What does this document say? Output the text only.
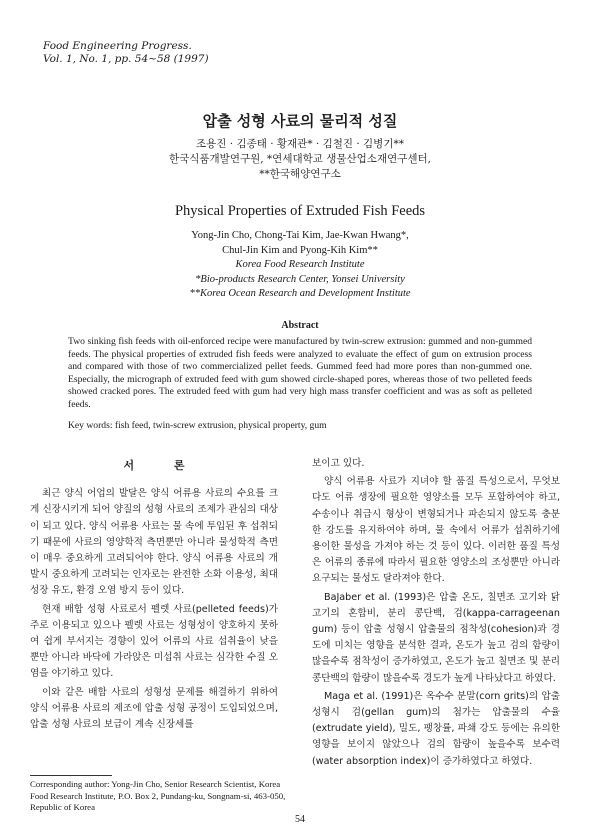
Food Engineering Progress.
Vol. 1, No. 1, pp. 54~58 (1997)
압출 성형 사료의 물리적 성질
조용진 · 김종태 · 황재관* · 김철진 · 김병기**
한국식품개발연구원, *연세대학교 생물산업소재연구센터,
**한국해양연구소
Physical Properties of Extruded Fish Feeds
Yong-Jin Cho, Chong-Tai Kim, Jae-Kwan Hwang*,
Chul-Jin Kim and Pyong-Kih Kim**
Korea Food Research Institute
*Bio-products Research Center, Yonsei University
**Korea Ocean Research and Development Institute
Abstract

Two sinking fish feeds with oil-enforced recipe were manufactured by twin-screw extrusion: gummed and non-gummed feeds. The physical properties of extruded fish feeds were analyzed to evaluate the effect of gum on extrusion process and compared with those of two commercialized pellet feeds. Gummed feed had more pores than non-gummed one. Especially, the micrograph of extruded feed with gum showed circle-shaped pores, whereas those of two pelleted feeds showed cracked pores. The extruded feed with gum had very high mass transfer coefficient and was as soft as pelleted feeds.

Key words: fish feed, twin-screw extrusion, physical property, gum

서 론

최근 양식 어업의 발달은 양식 어류용 사료의 수요를 크게 신장시키게 되어 양질의 성형 사료의 조제가 관심의 대상이 되고 있다. 양식 어류용 사료는 물 속에 투입된 후 섭취되기 때문에 사료의 영양학적 측면뿐만 아니라 물성학적 측면이 매우 중요하게 고려되어야 한다. 양식 어류용 사료의 개발시 중요하게 고려되는 인자로는 완전한 소화 이용성, 최대 성장 유도, 환경 오염 방지 등이 있다.

현재 배합 성형 사료로서 펠렛 사료(pelleted feeds)가 주로 이용되고 있으나 펠렛 사료는 성형성이 양호하지 못하여 쉽게 부서지는 경향이 있어 어류의 사료 섭취율이 낮을 뿐만 아니라 바닥에 가라앉은 미섭취 사료는 심각한 수질 오염을 야기하고 있다.

이와 같은 배합 사료의 성형성 문제를 해결하기 위하여 양식 어류용 사료의 제조에 압출 성형 공정이 도입되었으며, 압출 성형 사료의 보급이 계속 신장세를

보이고 있다.

양식 어류용 사료가 지녀야 할 품질 특성으로서, 무엇보다도 어류 생장에 필요한 영양소를 모두 포함하여야 하고, 수송이나 취급시 형상이 변형되거나 파손되지 않도록 충분한 강도를 유지하여야 하며, 물 속에서 어류가 섭취하기에 용이한 물성을 가져야 하는 것 등이 있다. 이러한 품질 특성은 어류의 종류에 따라서 필요한 영양소의 조성뿐만 아니라 요구되는 물성도 달라져야 한다.

BaJaber et al. (1993)은 압출 온도, 칠면조 고기와 닭고기의 혼합비, 분리 콩단백, 검(kappa-carrageenan gum) 등이 압출 성형시 압출물의 점착성(cohesion)과 경도에 미치는 영향을 분석한 결과, 온도가 높고 검의 함량이 많을수록 점착성이 증가하였고, 온도가 높고 칠면조 및 분리 콩단백의 함량이 많을수록 경도가 높게 나타났다고 하였다.

Maga et al. (1991)은 옥수수 분말(corn grits)의 압출 성형시 검(gellan gum)의 첨가는 압출물의 수율(extrudate yield), 밀도, 팽창률, 파쇄 강도 등에는 유의한 영향을 보이지 않았으나 검의 함량이 높을수록 보수력(water absorption index)이 증가하였다고 하였다.

Corresponding author: Yong-Jin Cho, Senior Research Scientist, Korea Food Research Institute, P.O. Box 2, Pundang-ku, Songnam-si, 463-050, Republic of Korea

54
